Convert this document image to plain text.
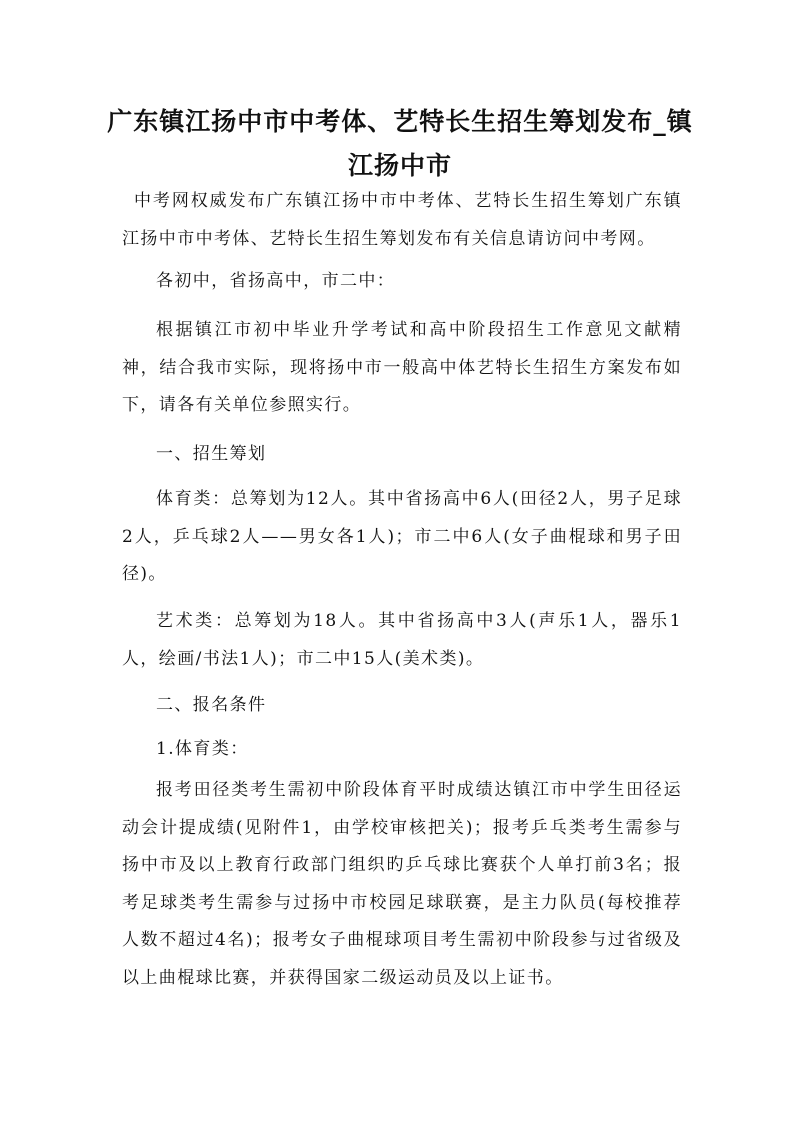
广东镇江扬中市中考体、艺特长生招生筹划发布_镇江扬中市
中考网权威发布广东镇江扬中市中考体、艺特长生招生筹划广东镇江扬中市中考体、艺特长生招生筹划发布有关信息请访问中考网。
各初中，省扬高中，市二中：
根据镇江市初中毕业升学考试和高中阶段招生工作意见文献精神，结合我市实际，现将扬中市一般高中体艺特长生招生方案发布如下，请各有关单位参照实行。
一、招生筹划
体育类：总筹划为12人。其中省扬高中6人(田径2人，男子足球2人，乒乓球2人——男女各1人)；市二中6人(女子曲棍球和男子田径)。
艺术类：总筹划为18人。其中省扬高中3人(声乐1人，器乐1人，绘画/书法1人)；市二中15人(美术类)。
二、报名条件
1.体育类：
报考田径类考生需初中阶段体育平时成绩达镇江市中学生田径运动会计提成绩(见附件1，由学校审核把关)；报考乒乓类考生需参与扬中市及以上教育行政部门组织旳乒乓球比赛获个人单打前3名；报考足球类考生需参与过扬中市校园足球联赛，是主力队员(每校推荐人数不超过4名)；报考女子曲棍球项目考生需初中阶段参与过省级及以上曲棍球比赛，并获得国家二级运动员及以上证书。
